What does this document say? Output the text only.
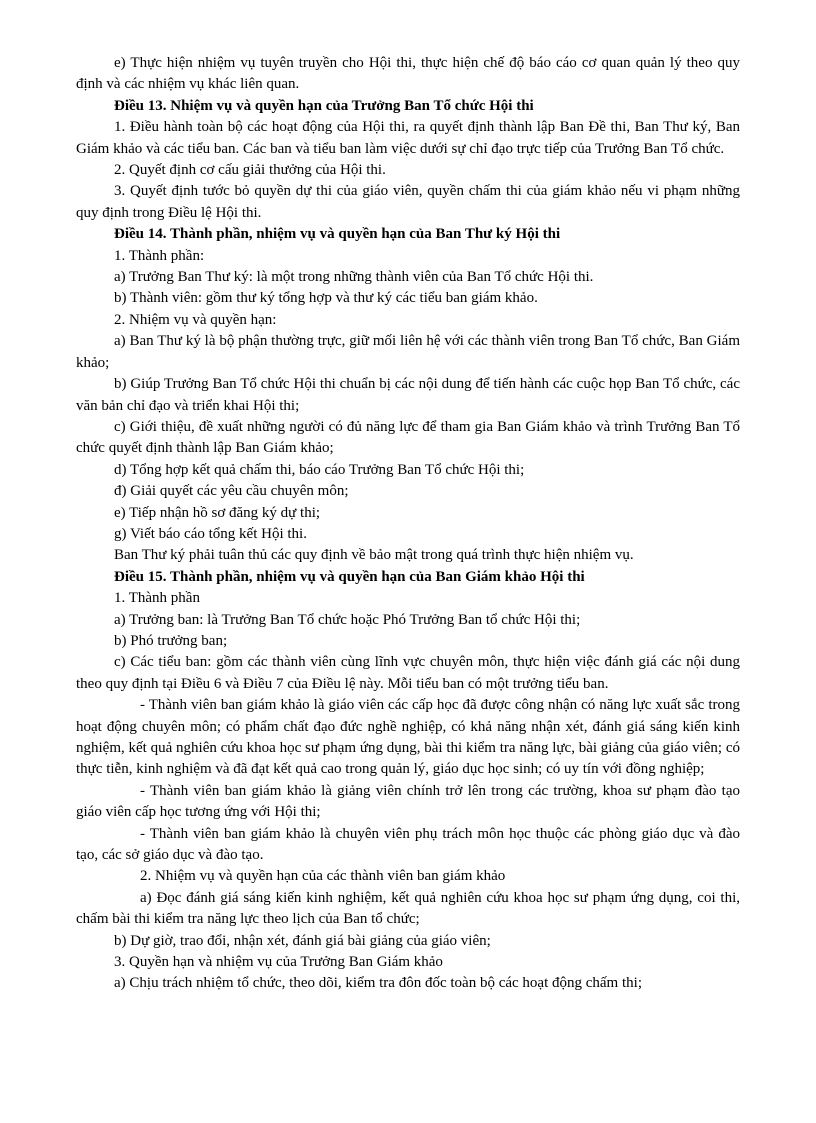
e) Thực hiện nhiệm vụ tuyên truyền cho Hội thi, thực hiện chế độ báo cáo cơ quan quản lý theo quy định và các nhiệm vụ khác liên quan.

Điều 13. Nhiệm vụ và quyền hạn của Trưởng Ban Tổ chức Hội thi

1. Điều hành toàn bộ các hoạt động của Hội thi, ra quyết định thành lập Ban Đề thi, Ban Thư ký, Ban Giám khảo và các tiểu ban. Các ban và tiểu ban làm việc dưới sự chỉ đạo trực tiếp của Trưởng Ban Tổ chức.

2. Quyết định cơ cấu giải thưởng của Hội thi.

3. Quyết định tước bỏ quyền dự thi của giáo viên, quyền chấm thi của giám khảo nếu vi phạm những quy định trong Điều lệ Hội thi.

Điều 14. Thành phần, nhiệm vụ và quyền hạn của Ban Thư ký Hội thi

1. Thành phần:

a) Trưởng Ban Thư ký: là một trong những thành viên của Ban Tổ chức Hội thi.

b) Thành viên: gồm thư ký tổng hợp và thư ký các tiểu ban giám khảo.

2. Nhiệm vụ và quyền hạn:

a) Ban Thư ký là bộ phận thường trực, giữ mối liên hệ với các thành viên trong Ban Tổ chức, Ban Giám khảo;

b) Giúp Trưởng Ban Tổ chức Hội thi chuẩn bị các nội dung để tiến hành các cuộc họp Ban Tổ chức, các văn bản chỉ đạo và triển khai Hội thi;

c) Giới thiệu, đề xuất những người có đủ năng lực để tham gia Ban Giám khảo và trình Trưởng Ban Tổ chức quyết định thành lập Ban Giám khảo;

d) Tổng hợp kết quả chấm thi, báo cáo Trưởng Ban Tổ chức Hội thi;

đ) Giải quyết các yêu cầu chuyên môn;

e) Tiếp nhận hồ sơ đăng ký dự thi;

g) Viết báo cáo tổng kết Hội thi.

Ban Thư ký phải tuân thủ các quy định về bảo mật trong quá trình thực hiện nhiệm vụ.

Điều 15. Thành phần, nhiệm vụ và quyền hạn của Ban Giám khảo Hội thi

1. Thành phần

a) Trưởng ban: là Trưởng Ban Tổ chức hoặc Phó Trưởng Ban tổ chức Hội thi;

b) Phó trưởng ban;

c) Các tiểu ban: gồm các thành viên cùng lĩnh vực chuyên môn, thực hiện việc đánh giá các nội dung theo quy định tại Điều 6 và Điều 7 của Điều lệ này. Mỗi tiểu ban có một trưởng tiểu ban.

- Thành viên ban giám khảo là giáo viên các cấp học đã được công nhận có năng lực xuất sắc trong hoạt động chuyên môn; có phẩm chất đạo đức nghề nghiệp, có khả năng nhận xét, đánh giá sáng kiến kinh nghiệm, kết quả nghiên cứu khoa học sư phạm ứng dụng, bài thi kiểm tra năng lực, bài giảng của giáo viên; có thực tiễn, kinh nghiệm và đã đạt kết quả cao trong quản lý, giáo dục học sinh; có uy tín với đồng nghiệp;

- Thành viên ban giám khảo là giảng viên chính trở lên trong các trường, khoa sư phạm đào tạo giáo viên cấp học tương ứng với Hội thi;

- Thành viên ban giám khảo là chuyên viên phụ trách môn học thuộc các phòng giáo dục và đào tạo, các sở giáo dục và đào tạo.

2. Nhiệm vụ và quyền hạn của các thành viên ban giám khảo

a) Đọc đánh giá sáng kiến kinh nghiệm, kết quả nghiên cứu khoa học sư phạm ứng dụng, coi thi, chấm bài thi kiểm tra năng lực theo lịch của Ban tổ chức;

b) Dự giờ, trao đổi, nhận xét, đánh giá bài giảng của giáo viên;

3. Quyền hạn và nhiệm vụ của Trưởng Ban Giám khảo

a) Chịu trách nhiệm tổ chức, theo dõi, kiểm tra đôn đốc toàn bộ các hoạt động chấm thi;
